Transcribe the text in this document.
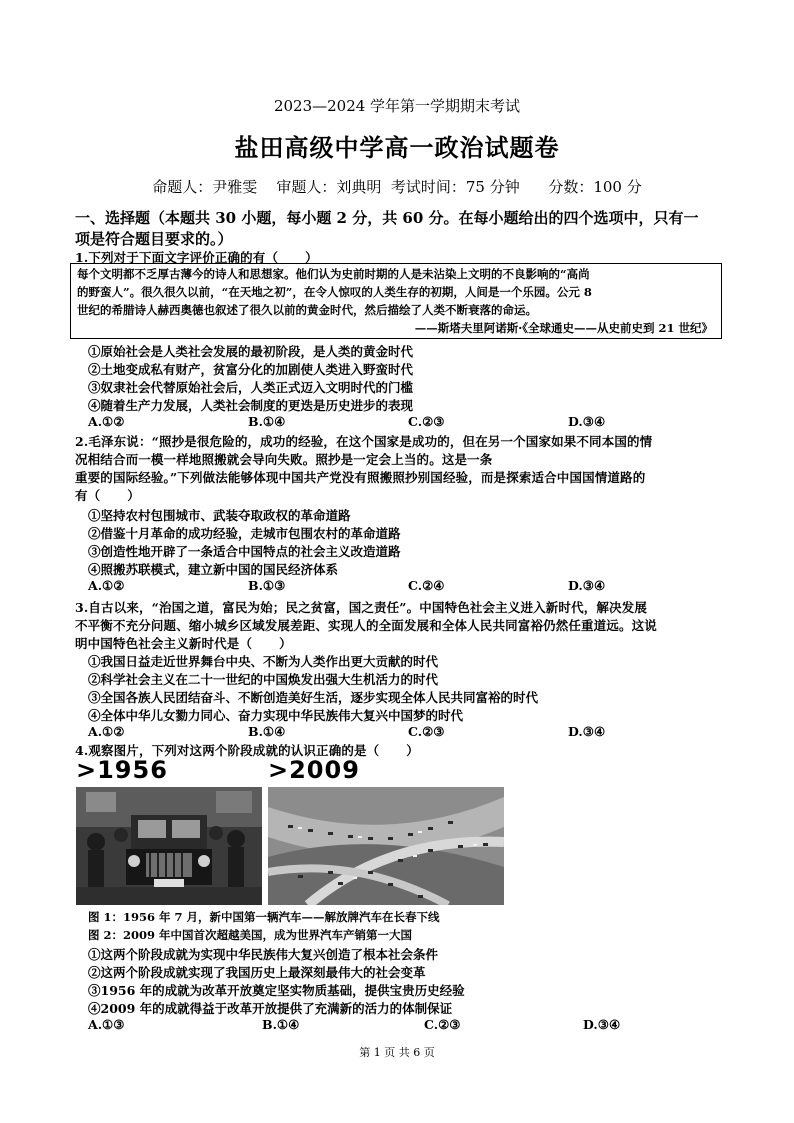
2023—2024 学年第一学期期末考试
盐田高级中学高一政治试题卷
命题人：尹雅雯    审题人：刘典明  考试时间：75 分钟      分数：100 分
一、选择题（本题共 30 小题，每小题 2 分，共 60 分。在每小题给出的四个选项中，只有一
项是符合题目要求的。）
1.下列对于下面文字评价正确的有（      ）
每个文明都不乏厚古薄今的诗人和思想家。他们认为史前时期的人是未沾染上文明的不良影响的“高尚
的野蛮人”。很久很久以前，“在天地之初”，在令人惊叹的人类生存的初期，人间是一个乐园。公元 8
世纪的希腊诗人赫西奥德也叙述了很久以前的黄金时代，然后描绘了人类不断衰落的命运。
——斯塔夫里阿诺斯·《全球通史——从史前史到 21 世纪》
①原始社会是人类社会发展的最初阶段，是人类的黄金时代
②土地变成私有财产，贫富分化的加剧使人类进入野蛮时代
③奴隶社会代替原始社会后，人类正式迈入文明时代的门槛
④随着生产力发展，人类社会制度的更迭是历史进步的表现
A.①②	B.①④	C.②③	D.③④
2.毛泽东说：“照抄是很危险的，成功的经验，在这个国家是成功的，但在另一个国家如果不同本国的情
况相结合而一模一样地照搬就会导向失败。照抄是一定会上当的。这是一条
重要的国际经验。”下列做法能够体现中国共产党没有照搬照抄别国经验，而是探索适合中国国情道路的
有（      ）
①坚持农村包围城市、武装夺取政权的革命道路
②借鉴十月革命的成功经验，走城市包围农村的革命道路
③创造性地开辟了一条适合中国特点的社会主义改造道路
④照搬苏联模式，建立新中国的国民经济体系
A.①②	B.①③	C.②④	D.③④
3.自古以来，“治国之道，富民为始；民之贫富，国之责任”。中国特色社会主义进入新时代，解决发展
不平衡不充分问题、缩小城乡区域发展差距、实现人的全面发展和全体人民共同富裕仍然任重道远。这说
明中国特色社会主义新时代是（      ）
①我国日益走近世界舞台中央、不断为人类作出更大贡献的时代
②科学社会主义在二十一世纪的中国焕发出强大生机活力的时代
③全国各族人民团结奋斗、不断创造美好生活，逐步实现全体人民共同富裕的时代
④全体中华儿女勠力同心、奋力实现中华民族伟大复兴中国梦的时代
A.①②	B.①④	C.②③	D.③④
4.观察图片，下列对这两个阶段成就的认识正确的是（      ）
>1956	>2009
图 1：1956 年 7 月，新中国第一辆汽车——解放牌汽车在长春下线
图 2：2009 年中国首次超越美国，成为世界汽车产销第一大国
①这两个阶段成就为实现中华民族伟大复兴创造了根本社会条件
②这两个阶段成就实现了我国历史上最深刻最伟大的社会变革
③1956 年的成就为改革开放奠定坚实物质基础，提供宝贵历史经验
④2009 年的成就得益于改革开放提供了充满新的活力的体制保证
A.①③	B.①④	C.②③	D.③④
第 1 页 共 6 页
